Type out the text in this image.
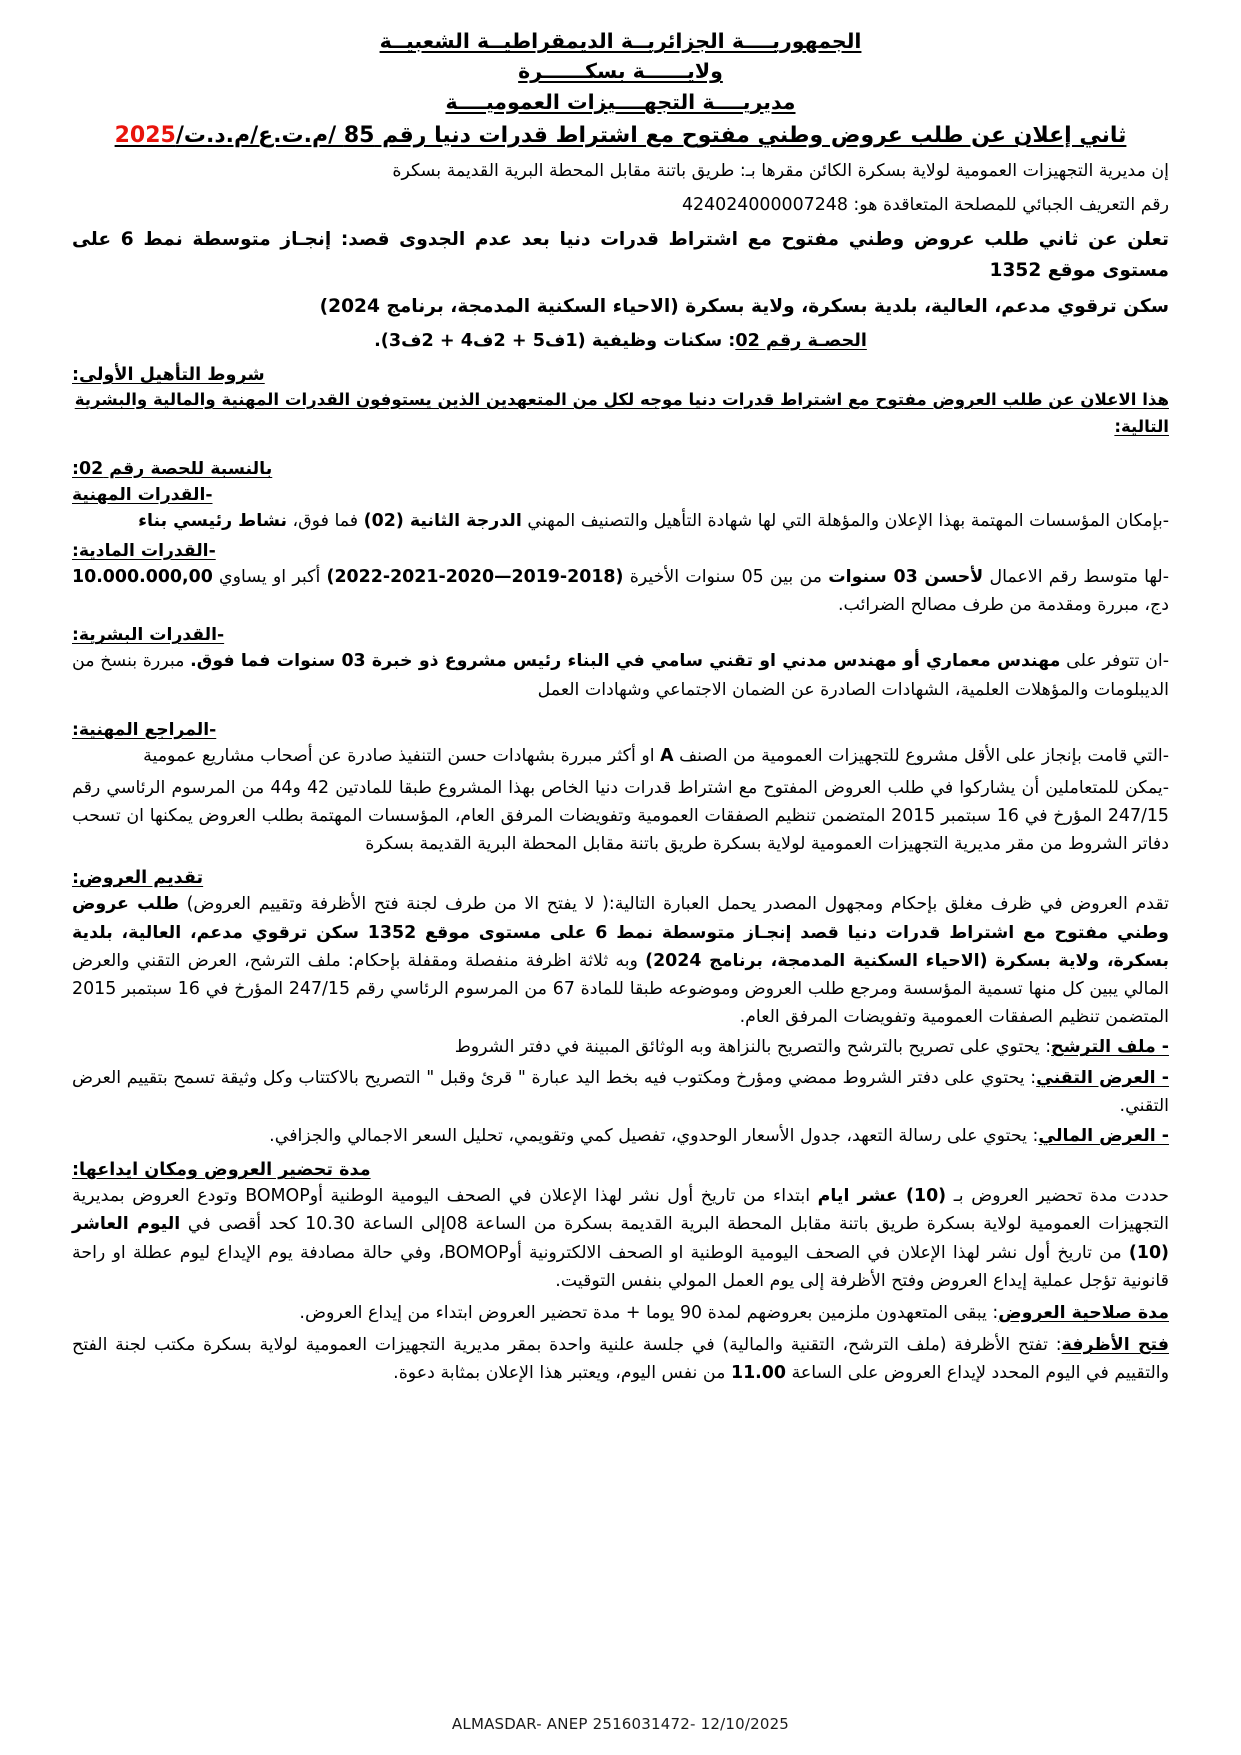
الجمهوريــــة الجزائريــة الديمقراطيــة الشعبيــة
ولايــــــة بسكــــــرة
مديريــــة التجهــــيزات العموميــــة
ثاني إعلان عن طلب عروض وطني مفتوح مع اشتراط قدرات دنيا رقم 85 /م.ت.ع/م.د.ت/2025

إن مديرية التجهيزات العمومية لولاية بسكرة الكائن مقرها بـ: طريق باتنة مقابل المحطة البرية القديمة بسكرة

رقم التعريف الجبائي للمصلحة المتعاقدة هو: 424024000007248

تعلن عن ثاني طلب عروض وطني مفتوح مع اشتراط قدرات دنيا بعد عدم الجدوى قصد: إنجـاز متوسطة نمط 6 على مستوى موقع 1352

سكن ترقوي مدعم، العالية، بلدية بسكرة، ولاية بسكرة (الاحياء السكنية المدمجة، برنامج 2024)

الحصـة رقم 02: سكنات وظيفية (1ف5 + 2ف4 + 2ف3).

شروط التأهيل الأولى:

هذا الاعلان عن طلب العروض مفتوح مع اشتراط قدرات دنيا موجه لكل من المتعهدين الذين يستوفون القدرات المهنية والمالية والبشرية التالية:

بالنسبة للحصة رقم 02:

-القدرات المهنية

-بإمكان المؤسسات المهتمة بهذا الإعلان والمؤهلة التي لها شهادة التأهيل والتصنيف المهني الدرجة الثانية (02) فما فوق، نشاط رئيسي بناء

-القدرات المادية:

-لها متوسط رقم الاعمال لأحسن 03 سنوات من بين 05 سنوات الأخيرة (2018-2019—2020-2021-2022) أكبر او يساوي 10.000.000,00 دج، مبررة ومقدمة من طرف مصالح الضرائب.

-القدرات البشرية:

-ان تتوفر على مهندس معماري أو مهندس مدني او تقني سامي في البناء رئيس مشروع ذو خبرة 03 سنوات فما فوق. مبررة بنسخ من الديبلومات والمؤهلات العلمية، الشهادات الصادرة عن الضمان الاجتماعي وشهادات العمل

-المراجع المهنية:

-التي قامت بإنجاز على الأقل مشروع للتجهيزات العمومية من الصنف A او أكثر مبررة بشهادات حسن التنفيذ صادرة عن أصحاب مشاريع عمومية

-يمكن للمتعاملين أن يشاركوا في طلب العروض المفتوح مع اشتراط قدرات دنيا الخاص بهذا المشروع طبقا للمادتين 42 و44 من المرسوم الرئاسي رقم 247/15 المؤرخ في 16 سبتمبر 2015 المتضمن تنظيم الصفقات العمومية وتفويضات المرفق العام، المؤسسات المهتمة بطلب العروض يمكنها ان تسحب دفاتر الشروط من مقر مديرية التجهيزات العمومية لولاية بسكرة طريق باتنة مقابل المحطة البرية القديمة بسكرة

تقديم العروض:

تقدم العروض في ظرف مغلق بإحكام ومجهول المصدر يحمل العبارة التالية:( لا يفتح الا من طرف لجنة فتح الأظرفة وتقييم العروض) طلب عروض وطني مفتوح مع اشتراط قدرات دنيا قصد إنجـاز متوسطة نمط 6 على مستوى موقع 1352 سكن ترقوي مدعم، العالية، بلدية بسكرة، ولاية بسكرة (الاحياء السكنية المدمجة، برنامج 2024) وبه ثلاثة اظرفة منفصلة ومقفلة بإحكام: ملف الترشح، العرض التقني والعرض المالي يبين كل منها تسمية المؤسسة ومرجع طلب العروض وموضوعه طبقا للمادة 67 من المرسوم الرئاسي رقم 247/15 المؤرخ في 16 سبتمبر 2015 المتضمن تنظيم الصفقات العمومية وتفويضات المرفق العام.

- ملف الترشح: يحتوي على تصريح بالترشح والتصريح بالنزاهة وبه الوثائق المبينة في دفتر الشروط

- العرض التقني: يحتوي على دفتر الشروط ممضي ومؤرخ ومكتوب فيه بخط اليد عبارة " قرئ وقبل " التصريح بالاكتتاب وكل وثيقة تسمح بتقييم العرض التقني.

- العرض المالي: يحتوي على رسالة التعهد، جدول الأسعار الوحدوي، تفصيل كمي وتقويمي، تحليل السعر الاجمالي والجزافي.

مدة تحضير العروض ومكان ايداعها:

حددت مدة تحضير العروض بـ (10) عشر ايام ابتداء من تاريخ أول نشر لهذا الإعلان في الصحف اليومية الوطنية أوBOMOP وتودع العروض بمديرية التجهيزات العمومية لولاية بسكرة طريق باتنة مقابل المحطة البرية القديمة بسكرة من الساعة 08إلى الساعة 10.30 كحد أقصى في اليوم العاشر (10) من تاريخ أول نشر لهذا الإعلان في الصحف اليومية الوطنية او الصحف الالكترونية أوBOMOP، وفي حالة مصادفة يوم الإيداع ليوم عطلة او راحة قانونية تؤجل عملية إيداع العروض وفتح الأظرفة إلى يوم العمل المولي بنفس التوقيت.

مدة صلاحية العروض: يبقى المتعهدون ملزمين بعروضهم لمدة 90 يوما + مدة تحضير العروض ابتداء من إيداع العروض.

فتح الأظرفة: تفتح الأظرفة (ملف الترشح، التقنية والمالية) في جلسة علنية واحدة بمقر مديرية التجهيزات العمومية لولاية بسكرة مكتب لجنة الفتح والتقييم في اليوم المحدد لإيداع العروض على الساعة 11.00 من نفس اليوم، ويعتبر هذا الإعلان بمثابة دعوة.

ALMASDAR- ANEP 2516031472- 12/10/2025
